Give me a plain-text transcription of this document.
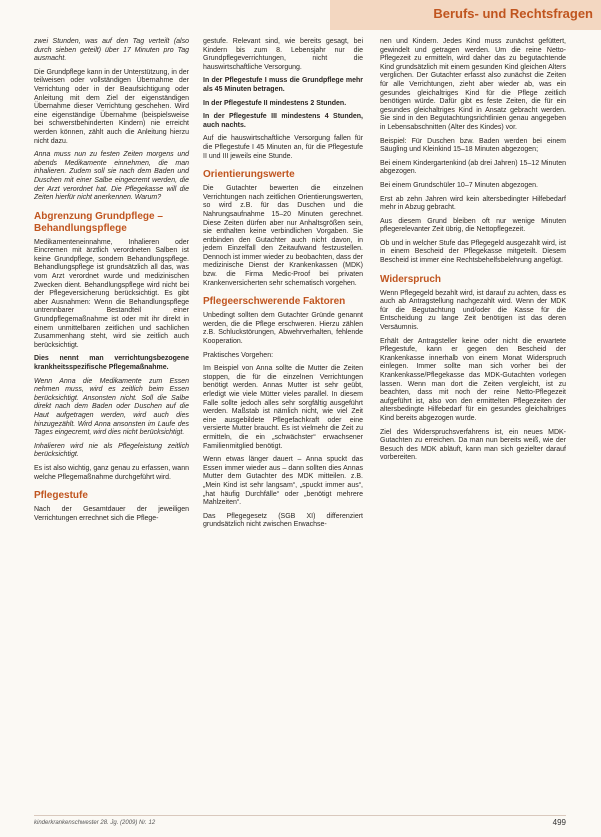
Berufs- und Rechtsfragen

zwei Stunden, was auf den Tag verteilt (also durch sieben geteilt) über 17 Minuten pro Tag ausmacht.

Die Grundpflege kann in der Unterstützung, in der teilweisen oder vollständigen Übernahme der Verrichtung oder in der Beaufsichtigung oder Anleitung mit dem Ziel der eigenständigen Übernahme dieser Verrichtung geschehen. Wird eine eigenständige Übernahme (beispielsweise bei schwerstbehinderten Kindern) nie erreicht werden können, zählt auch die Anleitung hierzu nicht dazu.

Anna muss nun zu festen Zeiten morgens und abends Medikamente einnehmen, die man inhalieren. Zudem soll sie nach dem Baden und Duschen mit einer Salbe eingecremt werden, die der Arzt verordnet hat. Die Pflegekasse will die Zeiten hierfür nicht anerkennen. Warum?

Abgrenzung Grundpflege – Behandlungspflege

Medikamenteneinnahme, Inhalieren oder Eincremen mit ärztlich verordneten Salben ist keine Grundpflege, sondern Behandlungspflege. Behandlungspflege ist grundsätzlich all das, was vom Arzt verordnet wurde und medizinischen Zwecken dient. Behandlungspflege wird nicht bei der Pflegeversicherung berücksichtigt. Es gibt aber Ausnahmen: Wenn die Behandlungspflege untrennbarer Bestandteil einer Grundpflegemaßnahme ist oder mit ihr direkt in einem unmittelbaren zeitlichen und sachlichen Zusammenhang steht, wird sie zeitlich auch berücksichtigt.

Dies nennt man verrichtungsbezogene krankheitsspezifische Pflegemaßnahme.

Wenn Anna die Medikamente zum Essen nehmen muss, wird es zeitlich beim Essen berücksichtigt. Ansonsten nicht. Soll die Salbe direkt nach dem Baden oder Duschen auf die Haut aufgetragen werden, wird auch dies hinzugezählt. Wird Anna ansonsten im Laufe des Tages eingecremt, wird dies nicht berücksichtigt.

Inhalieren wird nie als Pflegeleistung zeitlich berücksichtigt.

Es ist also wichtig, ganz genau zu erfassen, wann welche Pflegemaßnahme durchgeführt wird.

Pflegestufe

Nach der Gesamtdauer der jeweiligen Verrichtungen errechnet sich die Pflege-

gestufe. Relevant sind, wie bereits gesagt, bei Kindern bis zum 8. Lebensjahr nur die Grundpflegeverrichtungen, nicht die hauswirtschaftliche Versorgung.

In der Pflegestufe I muss die Grundpflege mehr als 45 Minuten betragen.

In der Pflegestufe II mindestens 2 Stunden.

In der Pflegestufe III mindestens 4 Stunden, auch nachts.

Auf die hauswirtschaftliche Versorgung fallen für die Pflegestufe I 45 Minuten an, für die Pflegestufe II und III jeweils eine Stunde.

Orientierungswerte

Die Gutachter bewerten die einzelnen Verrichtungen nach zeitlichen Orientierungswerten, so wird z.B. für das Duschen und die Nahrungsaufnahme 15–20 Minuten gerechnet. Diese Zeiten dürfen aber nur Anhaltsgrößen sein, sie enthalten keine verbindlichen Vorgaben. Sie entbinden den Gutachter auch nicht davon, in jedem Einzelfall den Zeitaufwand festzustellen. Dennoch ist immer wieder zu beobachten, dass der medizinische Dienst der Krankenkassen (MDK) bzw. die Firma Medic-Proof bei privaten Krankenversicherten sehr schematisch vorgehen.

Pflegeerschwerende Faktoren

Unbedingt sollten dem Gutachter Gründe genannt werden, die die Pflege erschweren. Hierzu zählen z.B. Schluckstörungen, Abwehrverhalten, fehlende Kooperation.

Praktisches Vorgehen:

Im Beispiel von Anna sollte die Mutter die Zeiten stoppen, die für die einzelnen Verrichtungen benötigt werden. Annas Mutter ist sehr geübt, erledigt wie viele Mütter vieles parallel. In diesem Falle sollte jedoch alles sehr sorgfältig ausgeführt werden. Maßstab ist nämlich nicht, wie viel Zeit eine ausgebildete Pflegefachkraft oder eine versierte Mutter braucht. Es ist vielmehr die Zeit zu ermitteln, die ein „schwächster“ erwachsener Familienmitglied benötigt.

Wenn etwas länger dauert – Anna spuckt das Essen immer wieder aus – dann sollten dies Annas Mutter dem Gutachter des MDK mitteilen. z.B. „Mein Kind ist sehr langsam“, „spuckt immer aus“, „hat häufig Durchfälle“ oder „benötigt mehrere Mahlzeiten“.

Das Pflegegesetz (SGB XI) differenziert grundsätzlich nicht zwischen Erwachse-

nen und Kindern. Jedes Kind muss zunächst gefüttert, gewindelt und getragen werden. Um die reine Netto-Pflegezeit zu ermitteln, wird daher das zu begutachtende Kind grundsätzlich mit einem gesunden Kind gleichen Alters verglichen. Der Gutachter erfasst also zunächst die Zeiten für alle Verrichtungen, zieht aber wieder ab, was ein gesundes gleichaltriges Kind für die Pflege zeitlich benötigen würde. Dafür gibt es feste Zeiten, die für ein gesundes gleichaltriges Kind in Ansatz gebracht werden. Sie sind in den Begutachtungsrichtlinien genau angegeben in Lebensabschnitten (Alter des Kindes) vor.

Beispiel: Für Duschen bzw. Baden werden bei einem Säugling und Kleinkind 15–18 Minuten abgezogen;

Bei einem Kindergartenkind (ab drei Jahren) 15–12 Minuten abgezogen.

Bei einem Grundschüler 10–7 Minuten abgezogen.

Erst ab zehn Jahren wird kein altersbedingter Hilfebedarf mehr in Abzug gebracht.

Aus diesem Grund bleiben oft nur wenige Minuten pflegerelevanter Zeit übrig, die Nettopflegezeit.

Ob und in welcher Stufe das Pflegegeld ausgezahlt wird, ist in einem Bescheid der Pflegekasse mitgeteilt. Diesem Bescheid ist immer eine Rechtsbehelfsbelehrung angefügt.

Widerspruch

Wenn Pflegegeld bezahlt wird, ist darauf zu achten, dass es auch ab Antragstellung nachgezahlt wird. Wenn der MDK für die Begutachtung und/oder die Kasse für die Entscheidung zu lange Zeit benötigen ist das deren Versäumnis.

Erhält der Antragsteller keine oder nicht die erwartete Pflegestufe, kann er gegen den Bescheid der Krankenkasse innerhalb von einem Monat Widerspruch einlegen. Immer sollte man sich vorher bei der Krankenkasse/Pflegekasse das MDK-Gutachten vorlegen lassen. Wenn man dort die Zeiten vergleicht, ist zu beachten, dass mit noch der reine Netto-Pflegezeit aufgeführt ist, also von den ermittelten Pflegezeiten der altersbedingte Hilfebedarf für ein gesundes gleichaltriges Kind bereits abgezogen wurde.

Ziel des Widerspruchsverfahrens ist, ein neues MDK-Gutachten zu erreichen. Da man nun bereits weiß, wie der Besuch des MDK abläuft, kann man sich gezielter darauf vorbereiten.

kinderkrankenschwester 28. Jg. (2009) Nr. 12	499
